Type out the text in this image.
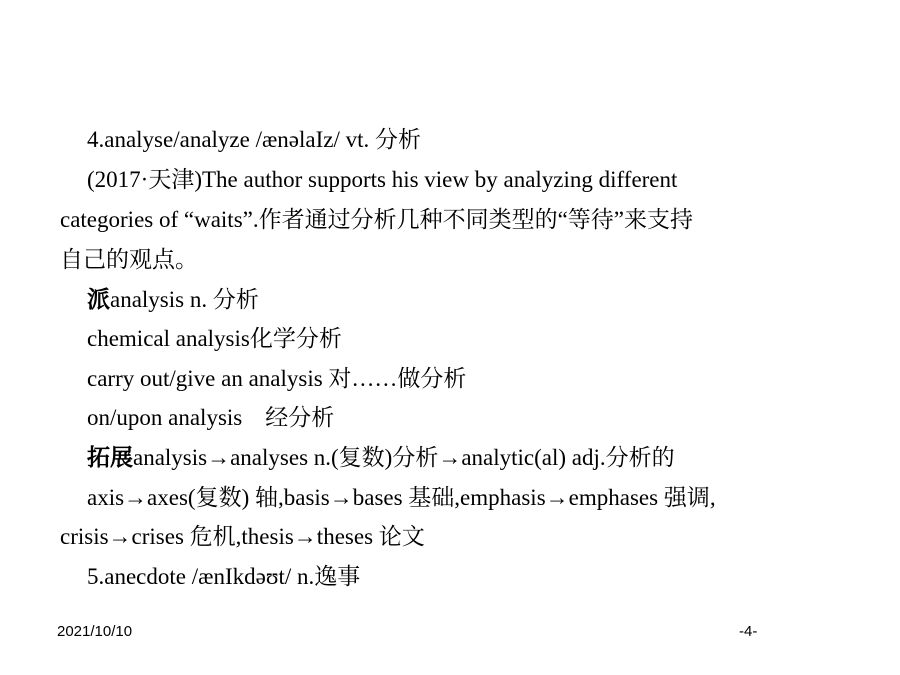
4.analyse/analyze /ænəlaIz/ vt. 分析
(2017·天津)The author supports his view by analyzing different
categories of “waits”.作者通过分析几种不同类型的“等待”来支持
自己的观点。
派analysis n. 分析
chemical analysis化学分析
carry out/give an analysis 对……做分析
on/upon analysis　经分析
拓展analysis→analyses n.(复数)分析→analytic(al) adj.分析的
axis→axes(复数) 轴,basis→bases 基础,emphasis→emphases 强调,
crisis→crises 危机,thesis→theses 论文
5.anecdote /ænIkdəʊt/ n.逸事
2021/10/10	-4-
